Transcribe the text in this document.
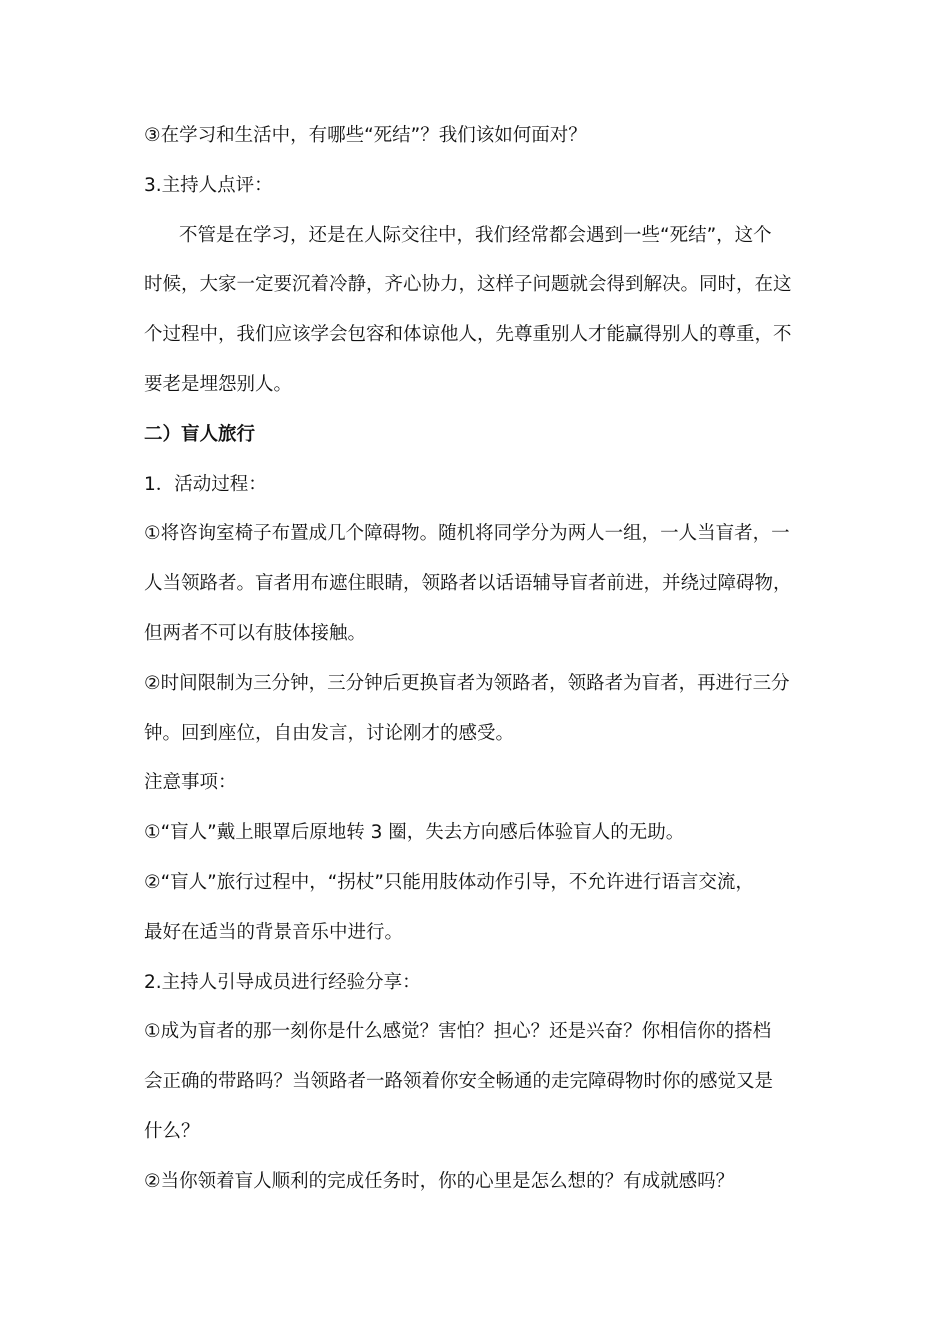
③在学习和生活中，有哪些“死结”？我们该如何面对？
3.主持人点评：
不管是在学习，还是在人际交往中，我们经常都会遇到一些“死结”，这个
时候，大家一定要沉着冷静，齐心协力，这样子问题就会得到解决。同时，在这
个过程中，我们应该学会包容和体谅他人，先尊重别人才能赢得别人的尊重，不
要老是埋怨别人。
二）盲人旅行
1．活动过程：
①将咨询室椅子布置成几个障碍物。随机将同学分为两人一组，一人当盲者，一
人当领路者。盲者用布遮住眼睛，领路者以话语辅导盲者前进，并绕过障碍物，
但两者不可以有肢体接触。
②时间限制为三分钟，三分钟后更换盲者为领路者，领路者为盲者，再进行三分
钟。回到座位，自由发言，讨论刚才的感受。
注意事项：
①“盲人”戴上眼罩后原地转 3 圈，失去方向感后体验盲人的无助。
②“盲人”旅行过程中，“拐杖”只能用肢体动作引导，不允许进行语言交流，
最好在适当的背景音乐中进行。
2.主持人引导成员进行经验分享：
①成为盲者的那一刻你是什么感觉？害怕？担心？还是兴奋？你相信你的搭档
会正确的带路吗？当领路者一路领着你安全畅通的走完障碍物时你的感觉又是
什么？
②当你领着盲人顺利的完成任务时，你的心里是怎么想的？有成就感吗？
